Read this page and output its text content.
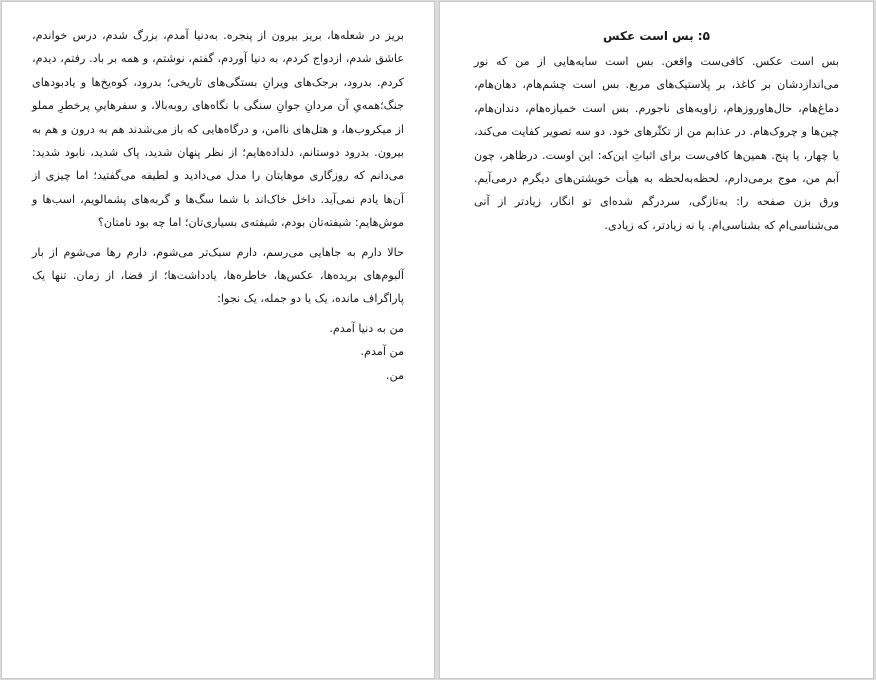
بریز در شعله‌ها، بریز بیرون از پنجره. به‌دنیا آمدم، بزرگ شدم، درس خواندم، عاشق شدم، ازدواج کردم، به دنیا آوردم، گفتم، نوشتم، و همه بر باد. رفتم، دیدم، کردم. بدرود، برجک‌های ویرانِ بستگی‌های تاریخی؛ بدرود، کوه‌یخ‌ها و یادبودهای جنگ؛همه‌یِ آن مردانِ جوانِ سنگی با نگاه‌های روبه‌بالا، و سفرهاییِ پرخطرِ مملو از میکروب‌ها، و هتل‌های ناامن، و درگاه‌هایی که باز می‌شدند هم به درون و هم به بیرون. بدرود دوستانم، دلداده‌هایم؛ از نظر پنهان شدید، پاک شدید، نابود شدید: می‌دانم که روزگاری موهایتان را مدل می‌دادید و لطیفه می‌گفتید؛ اما چیزی از آن‌ها یادم نمی‌آید. داخل خاک‌اند با شما سگ‌ها و گربه‌های پشمالویم، اسب‌ها و موش‌هایم: شیفته‌تان بودم، شیفته‌ی بسیاری‌تان؛ اما چه بود نامتان؟

حالا دارم به جاهایی می‌رسم، دارم سبک‌تر می‌شوم، دارم رها می‌شوم از بار آلبوم‌های بریده‌ها، عکس‌ها، خاطره‌ها، یادداشت‌ها؛ از فضا، از زمان. تنها یک پاراگراف مانده، یک یا دو جمله، یک نجوا:

من به دنیا آمدم.

من آمدم.

من.

۵: بس است عکس

بس است عکس. کافی‌ست واقعن. بس است سایه‌هایی از من که نور می‌اندازدشان بر کاغذ، بر پلاستیک‌های مربع. بس است چشم‌هام، دهان‌هام، دماغ‌هام، حال‌هاوروزهام، زاویه‌های ناجورم. بس است خمیازه‌هام، دندان‌هام، چین‌ها و چروک‌هام. در عذابم من از تکثّرهای خود. دو سه تصویر کفایت می‌کند، یا چهار، یا پنج. همین‌ها کافی‌ست برای اثباتِ این‌که: این اوست. درظاهر، چون آبم من، موج برمی‌دارم، لحظه‌به‌لحظه به هیأت خویشتن‌های دیگرم درمی‌آیم. ورق بزن صفحه را: به‌تازگی، سردرگم شده‌ای تو انگار، زیادتر از آنی می‌شناسی‌ام که بشناسی‌ام. یا نه زیادتر، که زیادی.
